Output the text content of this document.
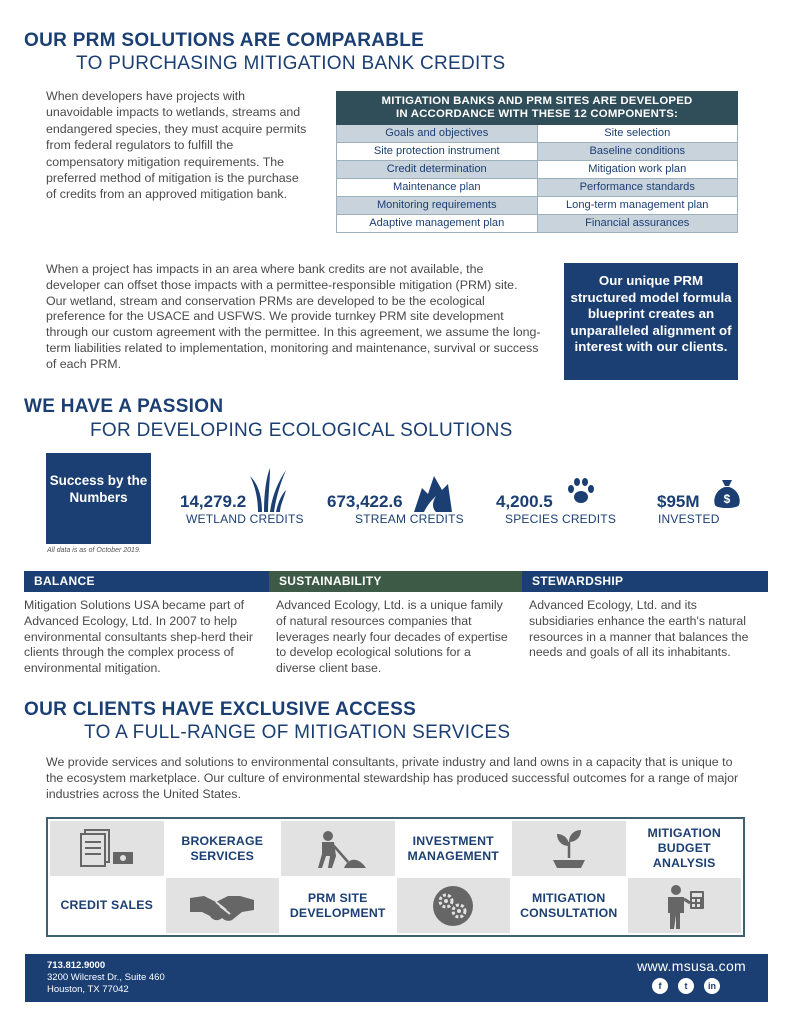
OUR PRM SOLUTIONS ARE COMPARABLE
TO PURCHASING MITIGATION BANK CREDITS
When developers have projects with unavoidable impacts to wetlands, streams and endangered species, they must acquire permits from federal regulators to fulfill the compensatory mitigation requirements. The preferred method of mitigation is the purchase of credits from an approved mitigation bank.
MITIGATION BANKS AND PRM SITES ARE DEVELOPED
IN ACCORDANCE WITH THESE 12 COMPONENTS:
Goals and objectives	Site selection
Site protection instrument	Baseline conditions
Credit determination	Mitigation work plan
Maintenance plan	Performance standards
Monitoring requirements	Long-term management plan
Adaptive management plan	Financial assurances
When a project has impacts in an area where bank credits are not available, the developer can offset those impacts with a permittee-responsible mitigation (PRM) site. Our wetland, stream and conservation PRMs are developed to be the ecological preference for the USACE and USFWS. We provide turnkey PRM site development through our custom agreement with the permittee. In this agreement, we assume the long-term liabilities related to implementation, monitoring and maintenance, survival or success of each PRM.
Our unique PRM structured model formula blueprint creates an unparalleled alignment of interest with our clients.
WE HAVE A PASSION
FOR DEVELOPING ECOLOGICAL SOLUTIONS
Success by the Numbers
All data is as of October 2019.
14,279.2
WETLAND CREDITS
673,422.6
STREAM CREDITS
4,200.5
SPECIES CREDITS
$95M
INVESTED
$
BALANCE	SUSTAINABILITY	STEWARDSHIP
Mitigation Solutions USA became part of Advanced Ecology, Ltd. In 2007 to help environmental consultants shep-herd their clients through the complex process of environmental mitigation.
Advanced Ecology, Ltd. is a unique family of natural resources companies that leverages nearly four decades of expertise to develop ecological solutions for a diverse client base.
Advanced Ecology, Ltd. and its subsidiaries enhance the earth's natural resources in a manner that balances the needs and goals of all its inhabitants.
OUR CLIENTS HAVE EXCLUSIVE ACCESS
TO A FULL-RANGE OF MITIGATION SERVICES
We provide services and solutions to environmental consultants, private industry and land owns in a capacity that is unique to the ecosystem marketplace. Our culture of environmental stewardship has produced successful outcomes for a range of major industries across the United States.
BROKERAGE SERVICES
INVESTMENT MANAGEMENT
MITIGATION BUDGET ANALYSIS
CREDIT SALES
PRM SITE DEVELOPMENT
MITIGATION CONSULTATION
713.812.9000
3200 Wilcrest Dr., Suite 460
Houston, TX 77042
www.msusa.com
f	t	in
